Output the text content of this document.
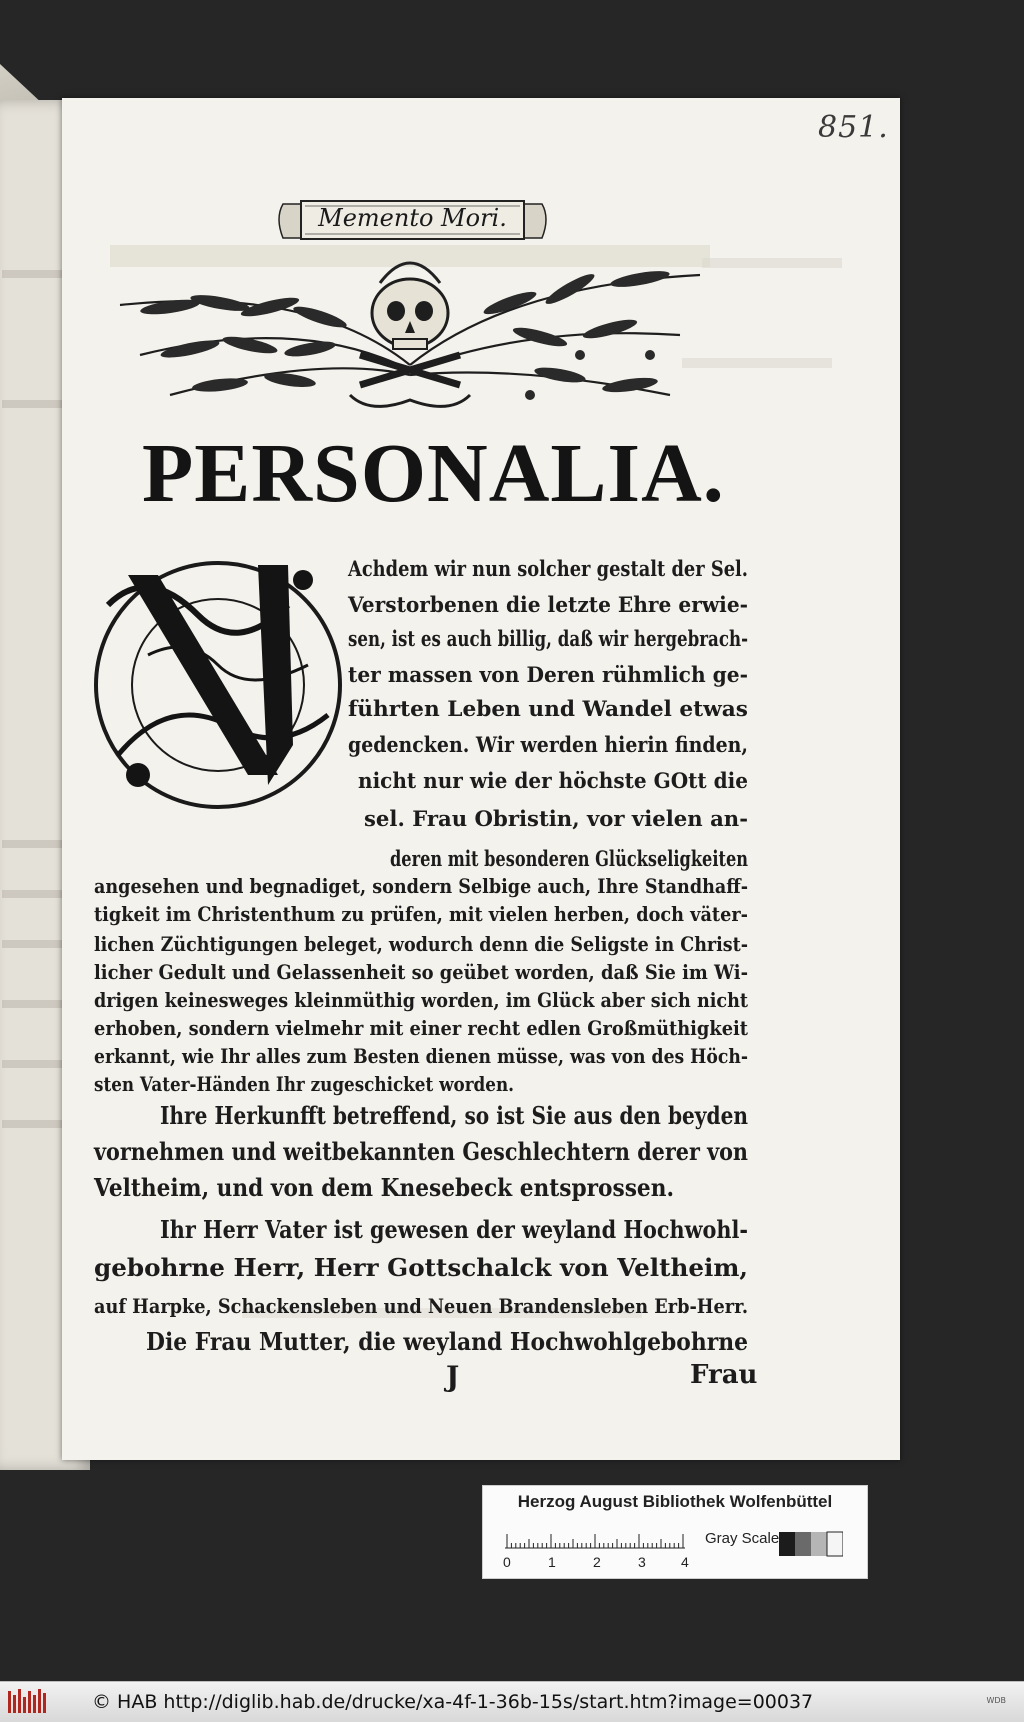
851.
Memento Mori.
PERSONALIA.
Achdem wir nun solcher gestalt der Sel.
Verstorbenen die letzte Ehre erwie-
sen, ist es auch billig, daß wir hergebrach-
ter massen von Deren rühmlich ge-
führten Leben und Wandel etwas
gedencken. Wir werden hierin finden,
nicht nur wie der höchste GOtt die
sel. Frau Obristin, vor vielen an-
deren mit besonderen Glückseligkeiten
angesehen und begnadiget, sondern Selbige auch, Ihre Standhaff-
tigkeit im Christenthum zu prüfen, mit vielen herben, doch väter-
lichen Züchtigungen beleget, wodurch denn die Seligste in Christ-
licher Gedult und Gelassenheit so geübet worden, daß Sie im Wi-
drigen keinesweges kleinmüthig worden, im Glück aber sich nicht
erhoben, sondern vielmehr mit einer recht edlen Großmüthigkeit
erkannt, wie Ihr alles zum Besten dienen müsse, was von des Höch-
sten Vater-Händen Ihr zugeschicket worden.
Ihre Herkunfft betreffend, so ist Sie aus den beyden
vornehmen und weitbekannten Geschlechtern derer von
Veltheim, und von dem Knesebeck entsprossen.
Ihr Herr Vater ist gewesen der weyland Hochwohl-
gebohrne Herr, Herr Gottschalck von Veltheim,
auf Harpke, Schackensleben und Neuen Brandensleben Erb-Herr.
Die Frau Mutter, die weyland Hochwohlgebohrne
J	Frau
Herzog August Bibliothek Wolfenbüttel
0	1	2	3	4
Gray Scale
© HAB http://diglib.hab.de/drucke/xa-4f-1-36b-15s/start.htm?image=00037	WDB
